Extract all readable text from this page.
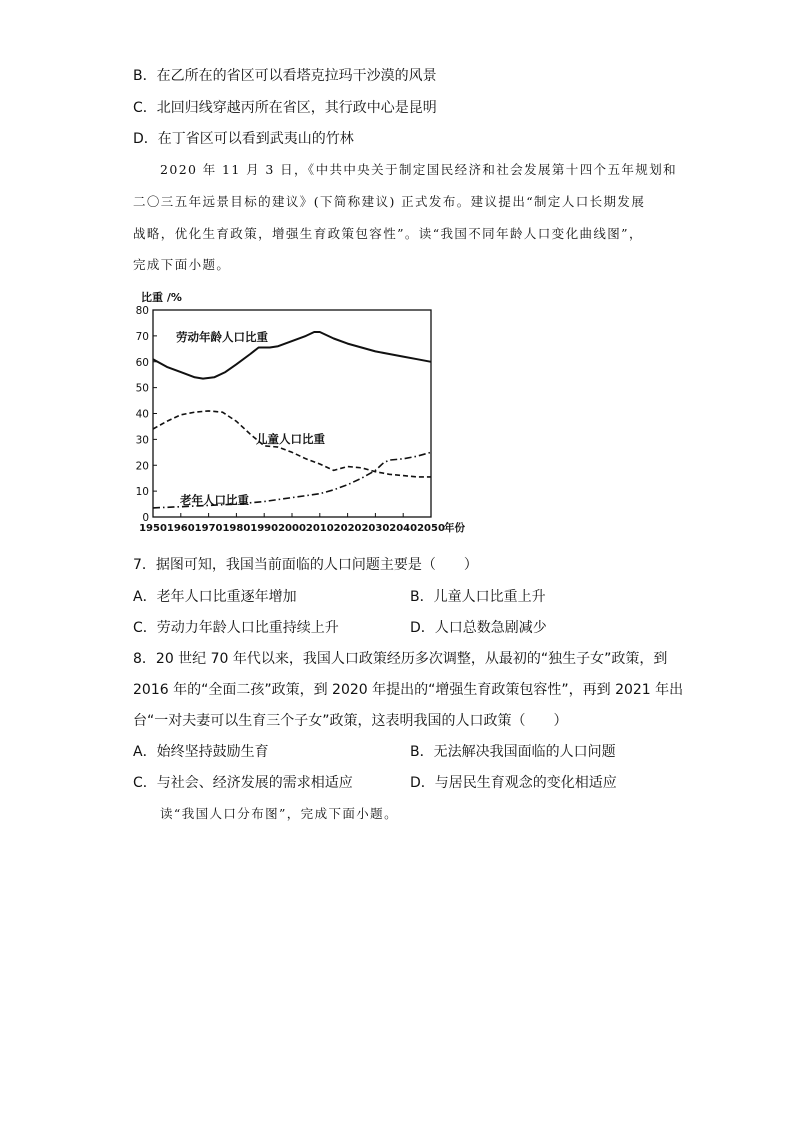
B．在乙所在的省区可以看塔克拉玛干沙漠的风景
C．北回归线穿越丙所在省区，其行政中心是昆明
D．在丁省区可以看到武夷山的竹林
2020 年 11 月 3 日，《中共中央关于制定国民经济和社会发展第十四个五年规划和
二〇三五年远景目标的建议》(下简称建议) 正式发布。建议提出“制定人口长期发展
战略，优化生育政策，增强生育政策包容性”。读“我国不同年龄人口变化曲线图”，
完成下面小题。
0
10
20
30
40
50
60
70
80
1950 1960 1970 1980 1990 2000 2010 2020 2030 2040 2050
比重 /%
年份
劳动年龄人口比重
儿童人口比重
老年人口比重
7．据图可知，我国当前面临的人口问题主要是（　　）
A．老年人口比重逐年增加	B．儿童人口比重上升
C．劳动力年龄人口比重持续上升	D．人口总数急剧减少
8．20 世纪 70 年代以来，我国人口政策经历多次调整，从最初的“独生子女”政策，到
2016 年的“全面二孩”政策，到 2020 年提出的“增强生育政策包容性”，再到 2021 年出
台“一对夫妻可以生育三个子女”政策，这表明我国的人口政策（　　）
A．始终坚持鼓励生育	B．无法解决我国面临的人口问题
C．与社会、经济发展的需求相适应	D．与居民生育观念的变化相适应
读“我国人口分布图”，完成下面小题。
